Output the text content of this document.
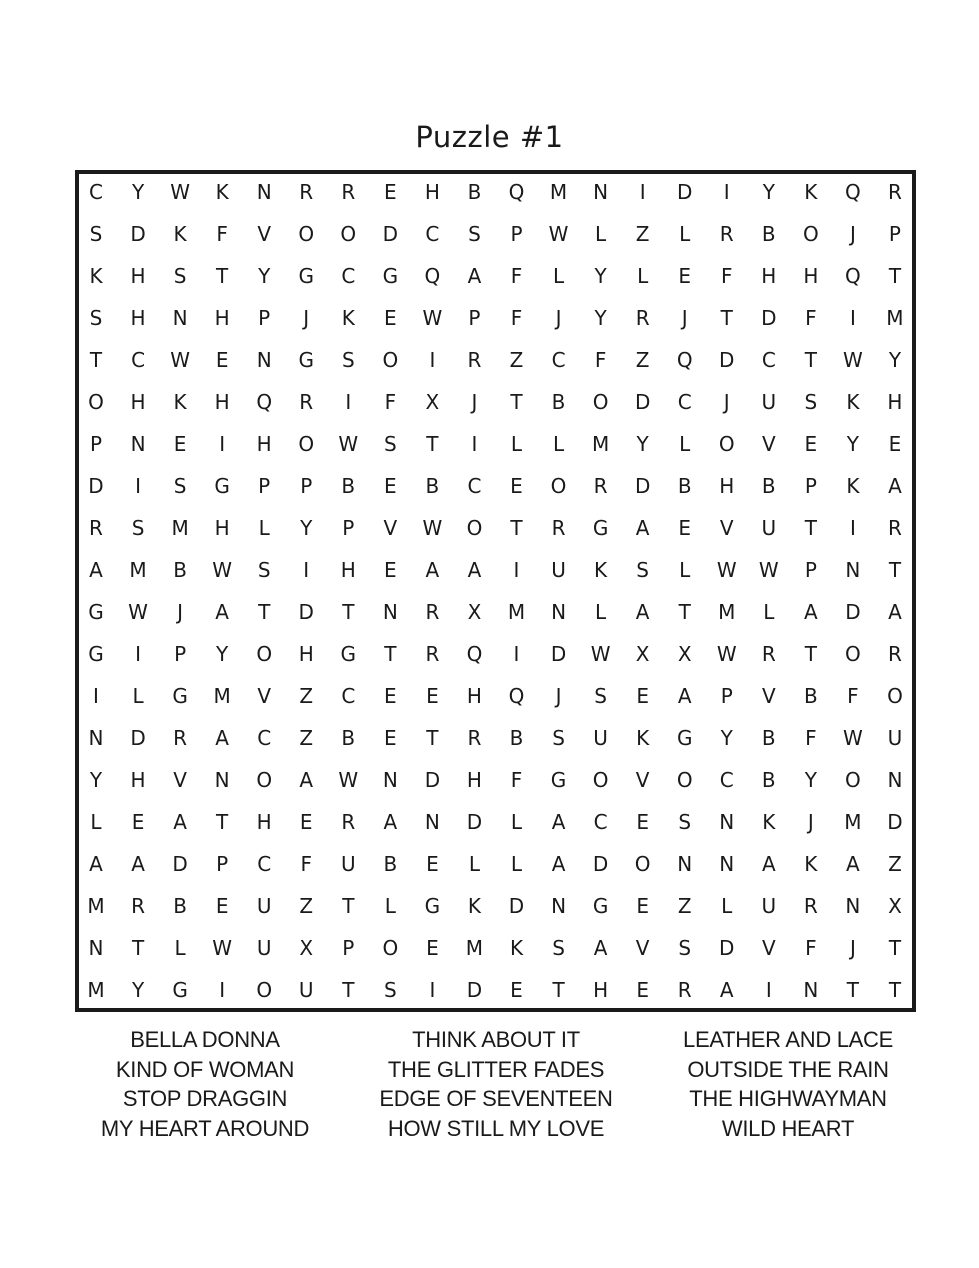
Puzzle #1
C	Y	W	K	N	R	R	E	H	B	Q	M	N	I	D	I	Y	K	Q	R
S	D	K	F	V	O	O	D	C	S	P	W	L	Z	L	R	B	O	J	P
K	H	S	T	Y	G	C	G	Q	A	F	L	Y	L	E	F	H	H	Q	T
S	H	N	H	P	J	K	E	W	P	F	J	Y	R	J	T	D	F	I	M
T	C	W	E	N	G	S	O	I	R	Z	C	F	Z	Q	D	C	T	W	Y
O	H	K	H	Q	R	I	F	X	J	T	B	O	D	C	J	U	S	K	H
P	N	E	I	H	O	W	S	T	I	L	L	M	Y	L	O	V	E	Y	E
D	I	S	G	P	P	B	E	B	C	E	O	R	D	B	H	B	P	K	A
R	S	M	H	L	Y	P	V	W	O	T	R	G	A	E	V	U	T	I	R
A	M	B	W	S	I	H	E	A	A	I	U	K	S	L	W	W	P	N	T
G	W	J	A	T	D	T	N	R	X	M	N	L	A	T	M	L	A	D	A
G	I	P	Y	O	H	G	T	R	Q	I	D	W	X	X	W	R	T	O	R
I	L	G	M	V	Z	C	E	E	H	Q	J	S	E	A	P	V	B	F	O
N	D	R	A	C	Z	B	E	T	R	B	S	U	K	G	Y	B	F	W	U
Y	H	V	N	O	A	W	N	D	H	F	G	O	V	O	C	B	Y	O	N
L	E	A	T	H	E	R	A	N	D	L	A	C	E	S	N	K	J	M	D
A	A	D	P	C	F	U	B	E	L	L	A	D	O	N	N	A	K	A	Z
M	R	B	E	U	Z	T	L	G	K	D	N	G	E	Z	L	U	R	N	X
N	T	L	W	U	X	P	O	E	M	K	S	A	V	S	D	V	F	J	T
M	Y	G	I	O	U	T	S	I	D	E	T	H	E	R	A	I	N	T	T
BELLA DONNA
KIND OF WOMAN
STOP DRAGGIN
MY HEART AROUND
THINK ABOUT IT
THE GLITTER FADES
EDGE OF SEVENTEEN
HOW STILL MY LOVE
LEATHER AND LACE
OUTSIDE THE RAIN
THE HIGHWAYMAN
WILD HEART
